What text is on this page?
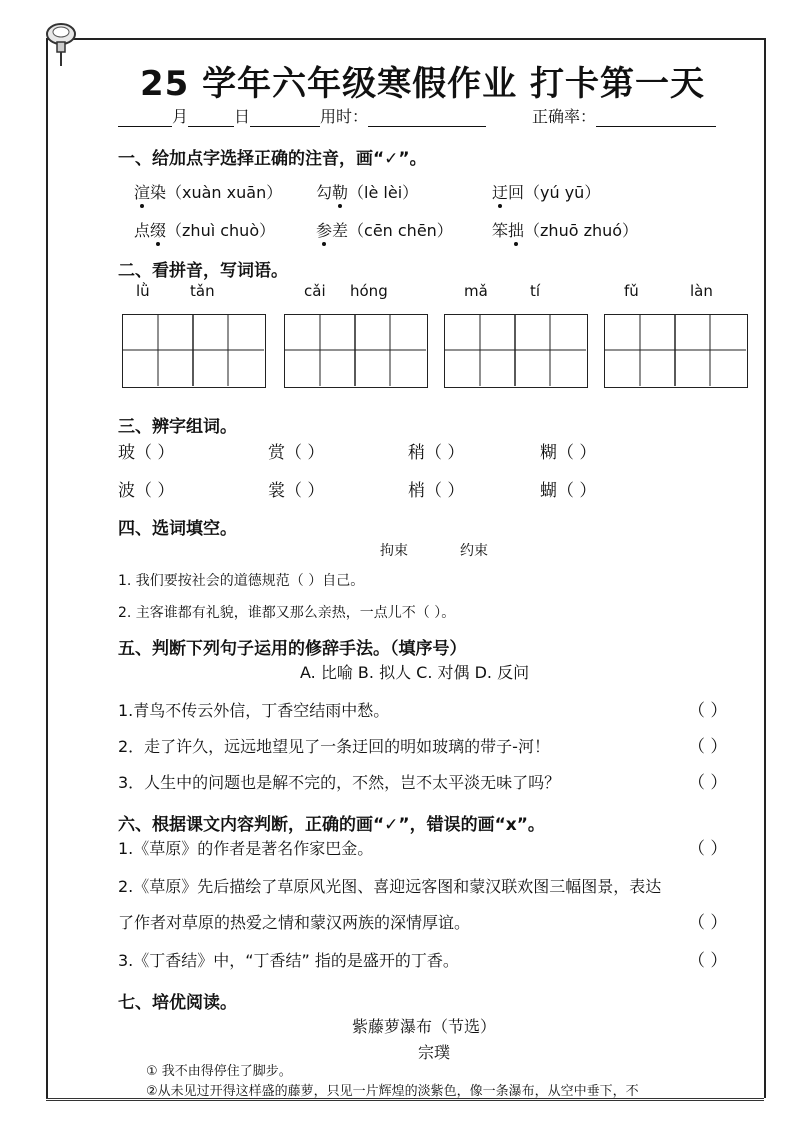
25 学年六年级寒假作业 打卡第一天
月	日	用时：	正确率：
一、给加点字选择正确的注音，画“✓”。
渲染（xuàn xuān） 勾勒（lè lèi）	迂回（yú yū）
点缀（zhuì chuò）	参差（cēn chēn） 笨拙（zhuō zhuó）
二、看拼音，写词语。
lǜ	tǎn	cǎi hóng	mǎ	tí	fǔ	làn
三、辨字组词。
玻（ ）	赏（ ）	稍（ ）	糊（ ）
波（ ）	裳（ ）	梢（ ）	蝴（ ）
四、选词填空。
拘束	约束
1. 我们要按社会的道德规范（ ）自己。
2. 主客谁都有礼貌，谁都又那么亲热，一点儿不（ ）。
五、判断下列句子运用的修辞手法。（填序号）
A. 比喻 B. 拟人 C. 对偶 D. 反问
1.青鸟不传云外信，丁香空结雨中愁。	（ ）
2．走了许久，远远地望见了一条迂回的明如玻璃的带子-河！	（ ）
3．人生中的问题也是解不完的，不然，岂不太平淡无味了吗？	（ ）
六、根据课文内容判断，正确的画“✓”，错误的画“x”。
1.《草原》的作者是著名作家巴金。	（ ）
2.《草原》先后描绘了草原风光图、喜迎远客图和蒙汉联欢图三幅图景，表达
了作者对草原的热爱之情和蒙汉两族的深情厚谊。	（ ）
3.《丁香结》中，“丁香结” 指的是盛开的丁香。	（ ）
七、培优阅读。
紫藤萝瀑布（节选）
宗璞
① 我不由得停住了脚步。
②从未见过开得这样盛的藤萝，只见一片辉煌的淡紫色，像一条瀑布，从空中垂下，不
